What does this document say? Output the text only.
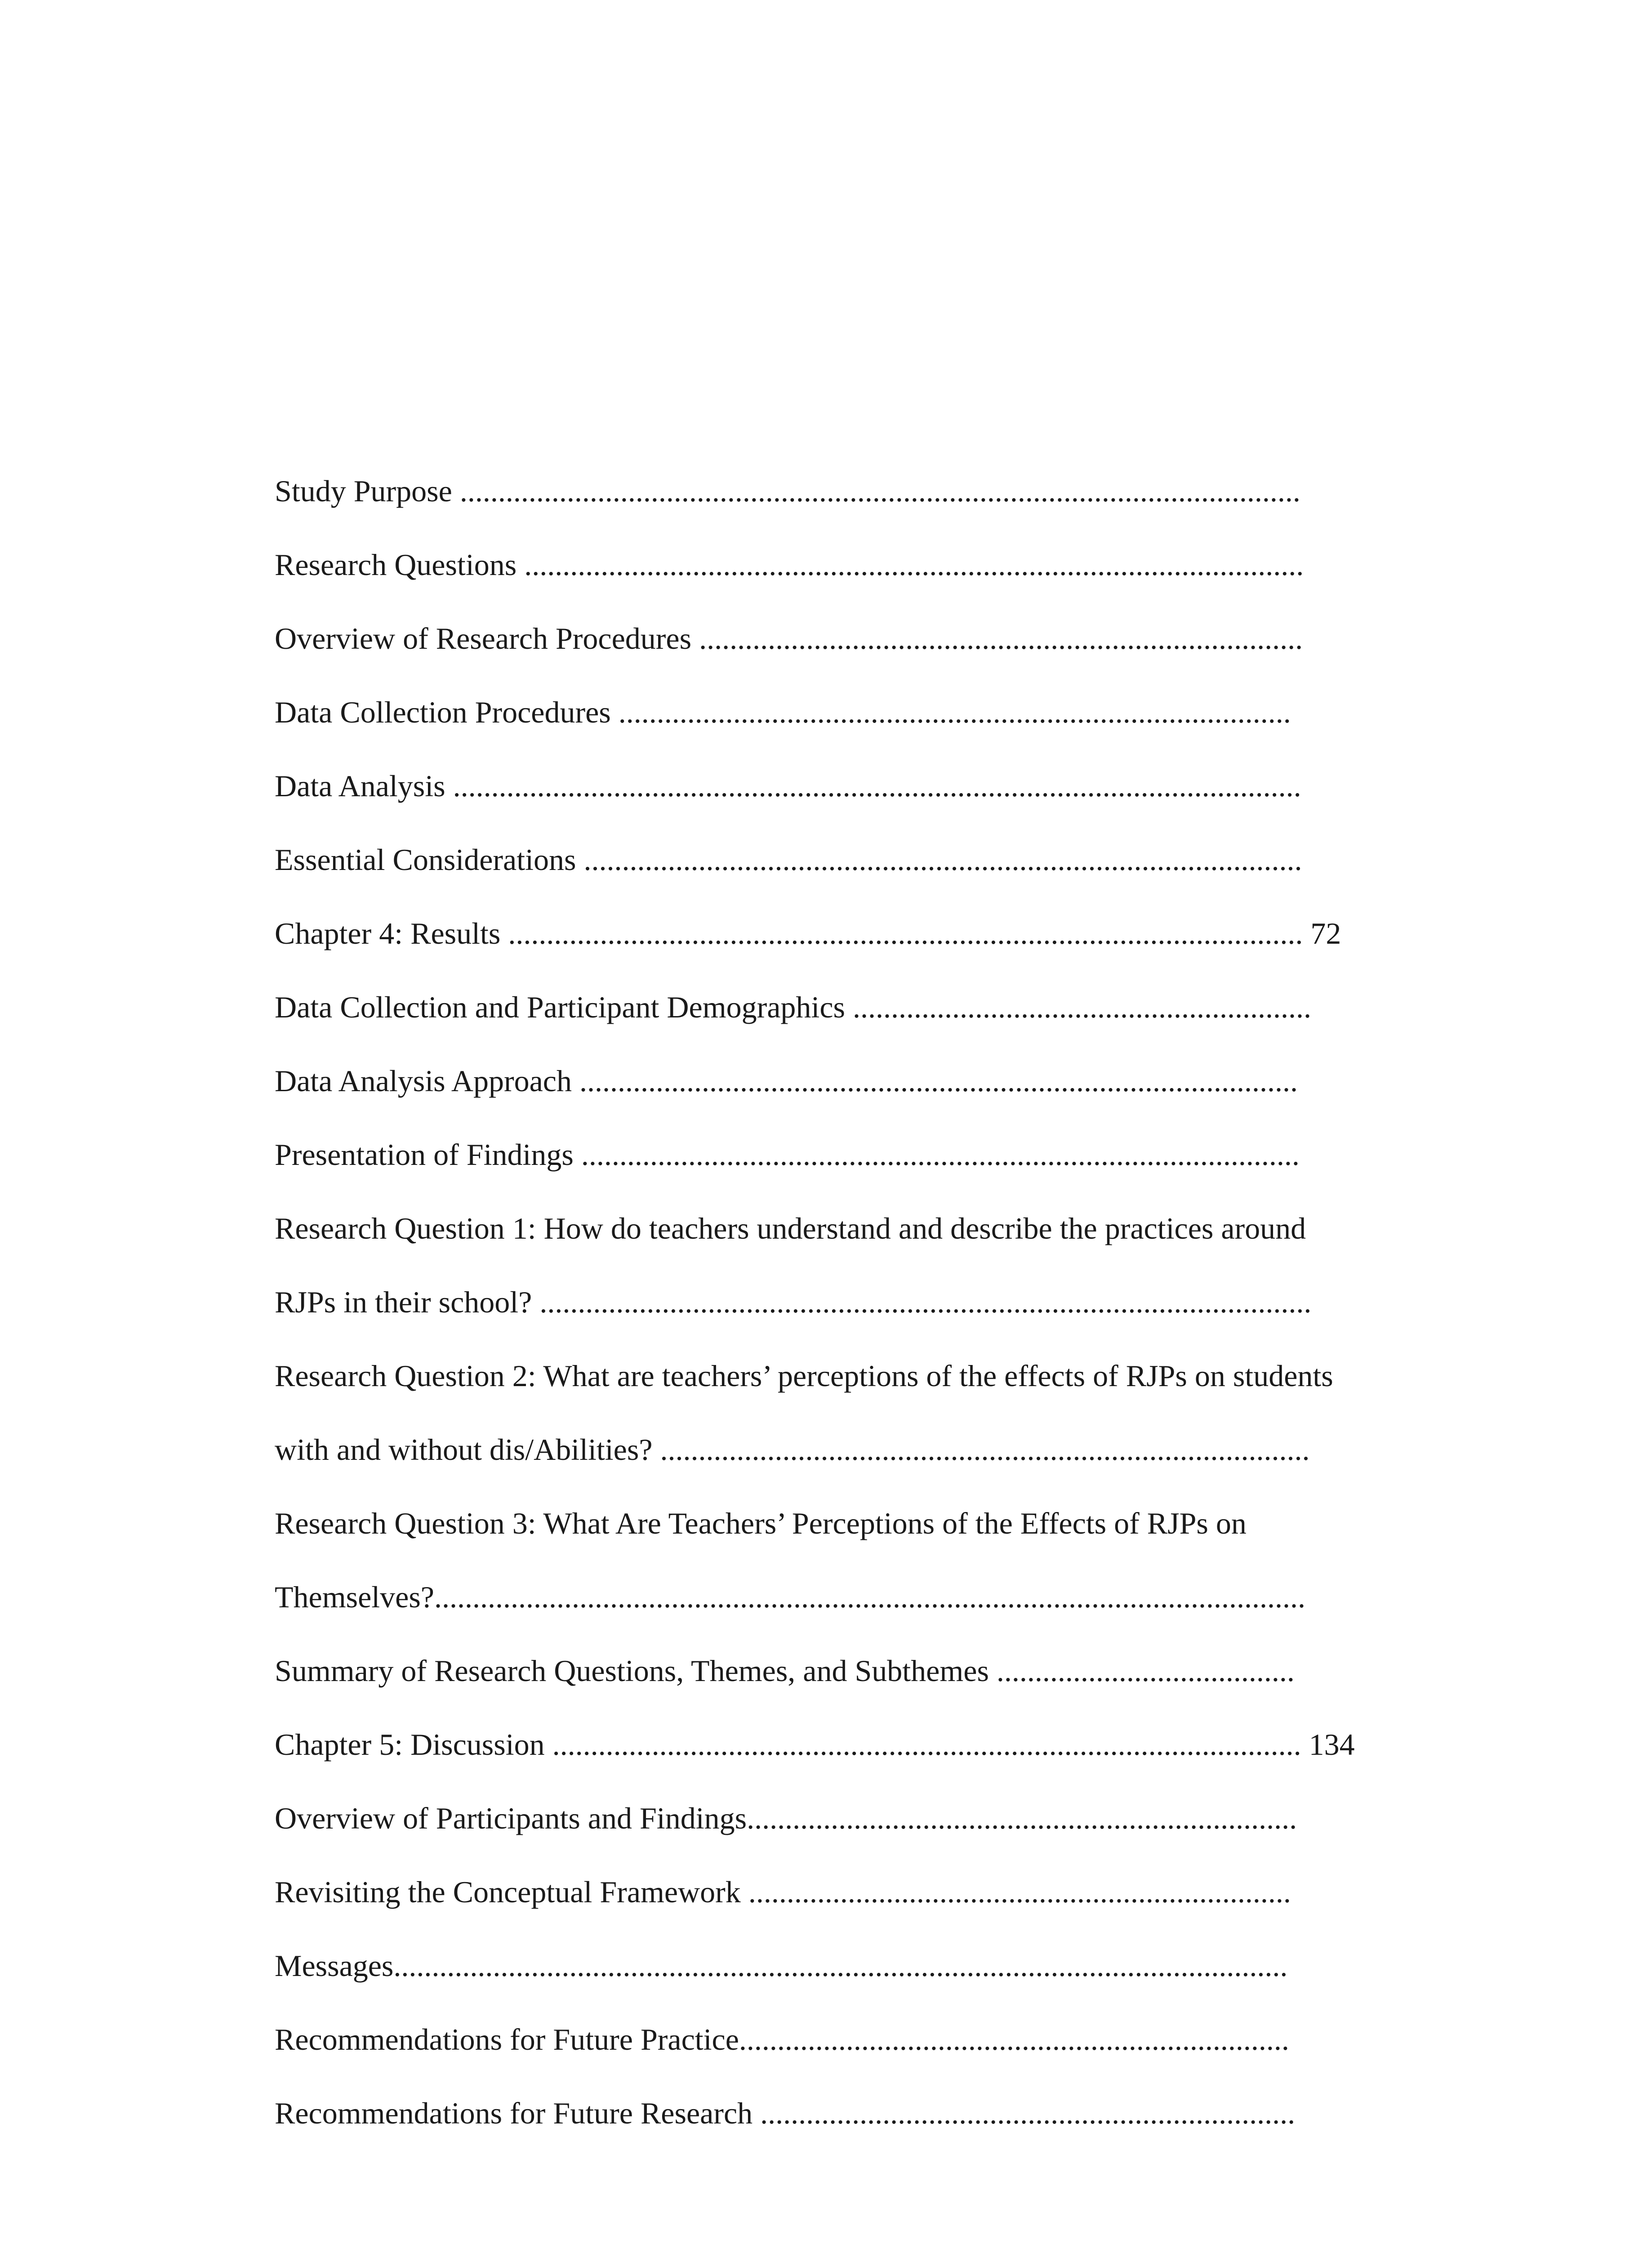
Study Purpose ..............................................................................................................
Research Questions ......................................................................................................
Overview of Research Procedures ...............................................................................
Data Collection Procedures ........................................................................................
Data Analysis ...............................................................................................................
Essential Considerations ..............................................................................................
Chapter 4: Results ........................................................................................................ 72
Data Collection and Participant Demographics ............................................................
Data Analysis Approach ..............................................................................................
Presentation of Findings ..............................................................................................
Research Question 1: How do teachers understand and describe the practices around
RJPs in their school? .....................................................................................................
Research Question 2: What are teachers’ perceptions of the effects of RJPs on students
with and without dis/Abilities? .....................................................................................
Research Question 3: What Are Teachers’ Perceptions of the Effects of RJPs on
Themselves?..................................................................................................................
Summary of Research Questions, Themes, and Subthemes .......................................
Chapter 5: Discussion .................................................................................................. 134
Overview of Participants and Findings........................................................................
Revisiting the Conceptual Framework .......................................................................
Messages.....................................................................................................................
Recommendations for Future Practice........................................................................
Recommendations for Future Research ......................................................................
